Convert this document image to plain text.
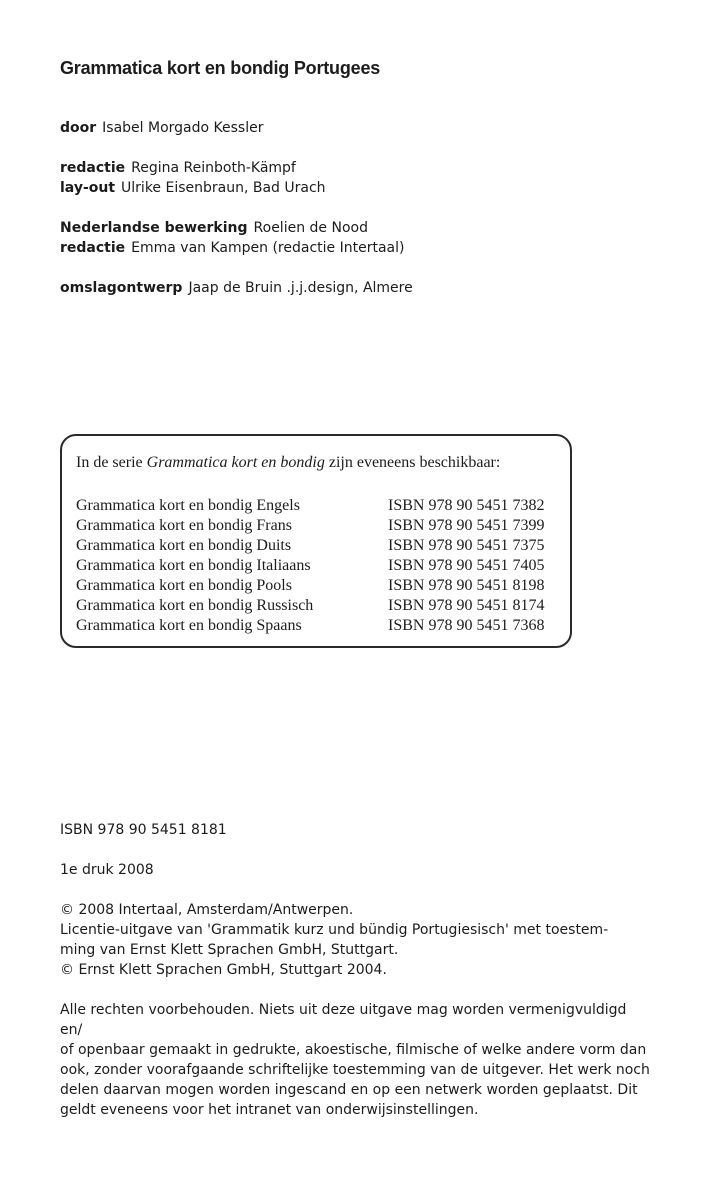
Grammatica kort en bondig Portugees
door Isabel Morgado Kessler
redactie Regina Reinboth-Kämpf
lay-out Ulrike Eisenbraun, Bad Urach
Nederlandse bewerking Roelien de Nood
redactie Emma van Kampen (redactie Intertaal)
omslagontwerp Jaap de Bruin .j.j.design, Almere
In de serie Grammatica kort en bondig zijn eveneens beschikbaar:
Grammatica kort en bondig Engels	ISBN 978 90 5451 7382
Grammatica kort en bondig Frans	ISBN 978 90 5451 7399
Grammatica kort en bondig Duits	ISBN 978 90 5451 7375
Grammatica kort en bondig Italiaans	ISBN 978 90 5451 7405
Grammatica kort en bondig Pools	ISBN 978 90 5451 8198
Grammatica kort en bondig Russisch	ISBN 978 90 5451 8174
Grammatica kort en bondig Spaans	ISBN 978 90 5451 7368

ISBN 978 90 5451 8181

1e druk 2008

© 2008 Intertaal, Amsterdam/Antwerpen.

Licentie-uitgave van 'Grammatik kurz und bündig Portugiesisch' met toestem-

ming van Ernst Klett Sprachen GmbH, Stuttgart.

© Ernst Klett Sprachen GmbH, Stuttgart 2004.

Alle rechten voorbehouden. Niets uit deze uitgave mag worden vermenigvuldigd en/

of openbaar gemaakt in gedrukte, akoestische, filmische of welke andere vorm dan

ook, zonder voorafgaande schriftelijke toestemming van de uitgever. Het werk noch

delen daarvan mogen worden ingescand en op een netwerk worden geplaatst. Dit

geldt eveneens voor het intranet van onderwijsinstellingen.
